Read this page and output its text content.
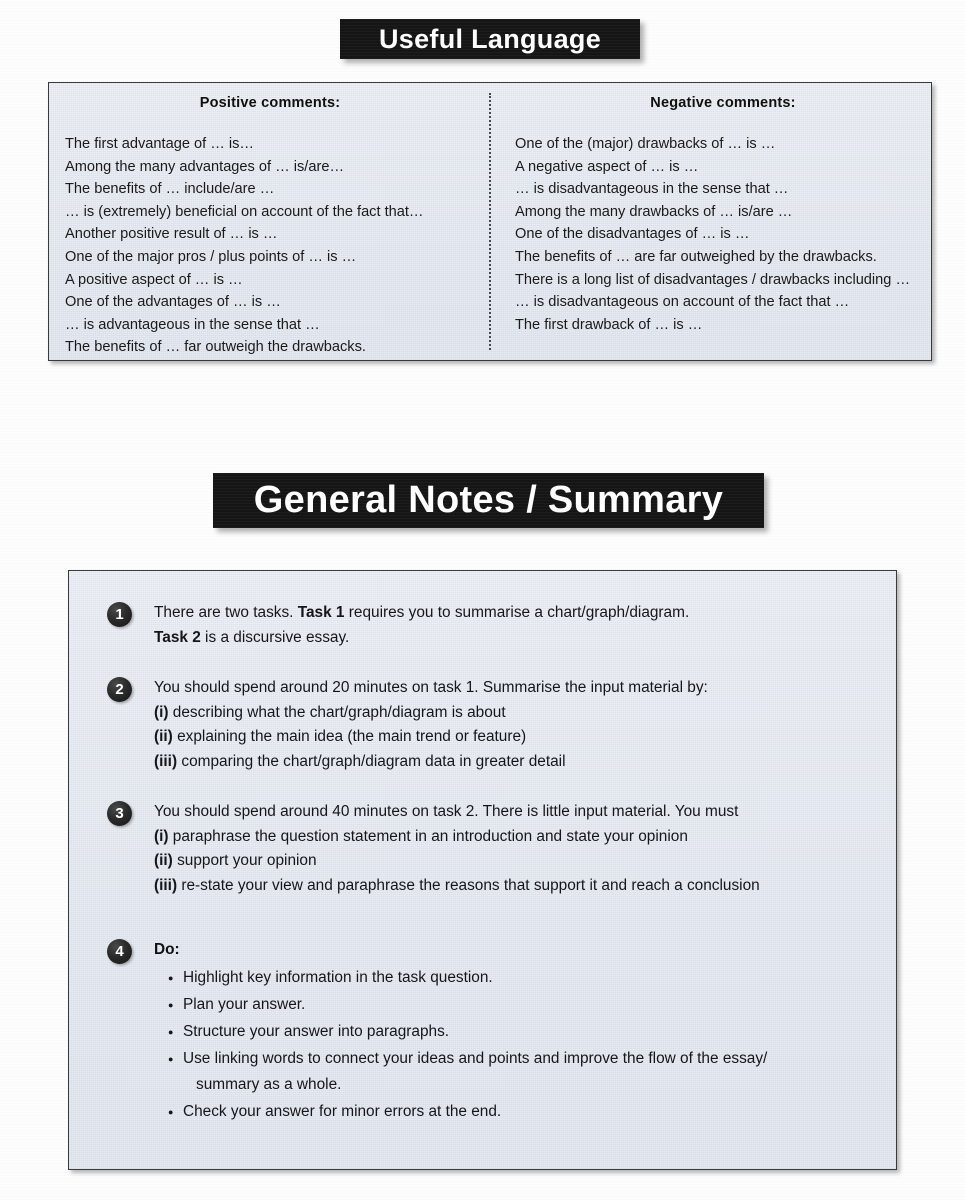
Useful Language
Positive comments:
The first advantage of … is…
Among the many advantages of … is/are…
The benefits of … include/are …
… is (extremely) beneficial on account of the fact that…
Another positive result of … is …
One of the major pros / plus points of … is …
A positive aspect of … is …
One of the advantages of … is …
… is advantageous in the sense that …
The benefits of … far outweigh the drawbacks.
Negative comments:
One of the (major) drawbacks of … is …
A negative aspect of … is …
… is disadvantageous in the sense that …
Among the many drawbacks of … is/are …
One of the disadvantages of … is …
The benefits of … are far outweighed by the drawbacks.
There is a long list of disadvantages / drawbacks including …
… is disadvantageous on account of the fact that …
The first drawback of … is …
General Notes / Summary
1	There are two tasks. Task 1 requires you to summarise a chart/graph/diagram.
Task 2 is a discursive essay.
2	You should spend around 20 minutes on task 1. Summarise the input material by:
(i) describing what the chart/graph/diagram is about
(ii) explaining the main idea (the main trend or feature)
(iii) comparing the chart/graph/diagram data in greater detail
3	You should spend around 40 minutes on task 2. There is little input material. You must
(i) paraphrase the question statement in an introduction and state your opinion
(ii) support your opinion
(iii) re-state your view and paraphrase the reasons that support it and reach a conclusion
4	Do:
● Highlight key information in the task question.
● Plan your answer.
● Structure your answer into paragraphs.
● Use linking words to connect your ideas and points and improve the flow of the essay/
summary as a whole.
● Check your answer for minor errors at the end.
